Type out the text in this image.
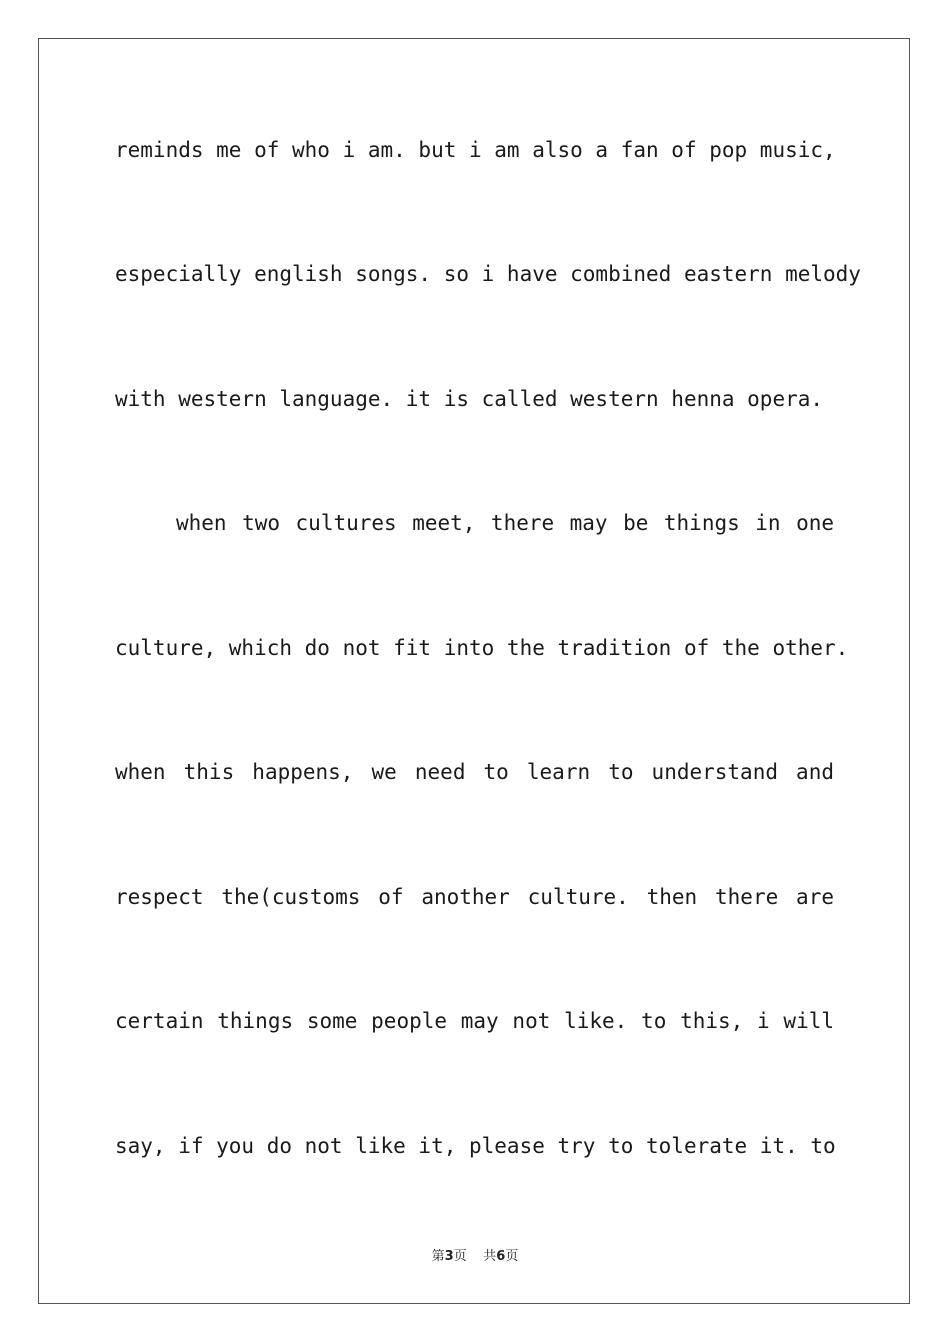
reminds me of who i am. but i am also a fan of pop music,
especially english songs. so i have combined eastern melody
with western language. it is called western henna opera.
when two cultures meet, there may be things in one
culture, which do not fit into the tradition of the other.
when this happens, we need to learn to understand and
respect the(customs of another culture. then there are
certain things some people may not like. to this, i will
say, if you do not like it, please try to tolerate it. to
第3页 共6页
